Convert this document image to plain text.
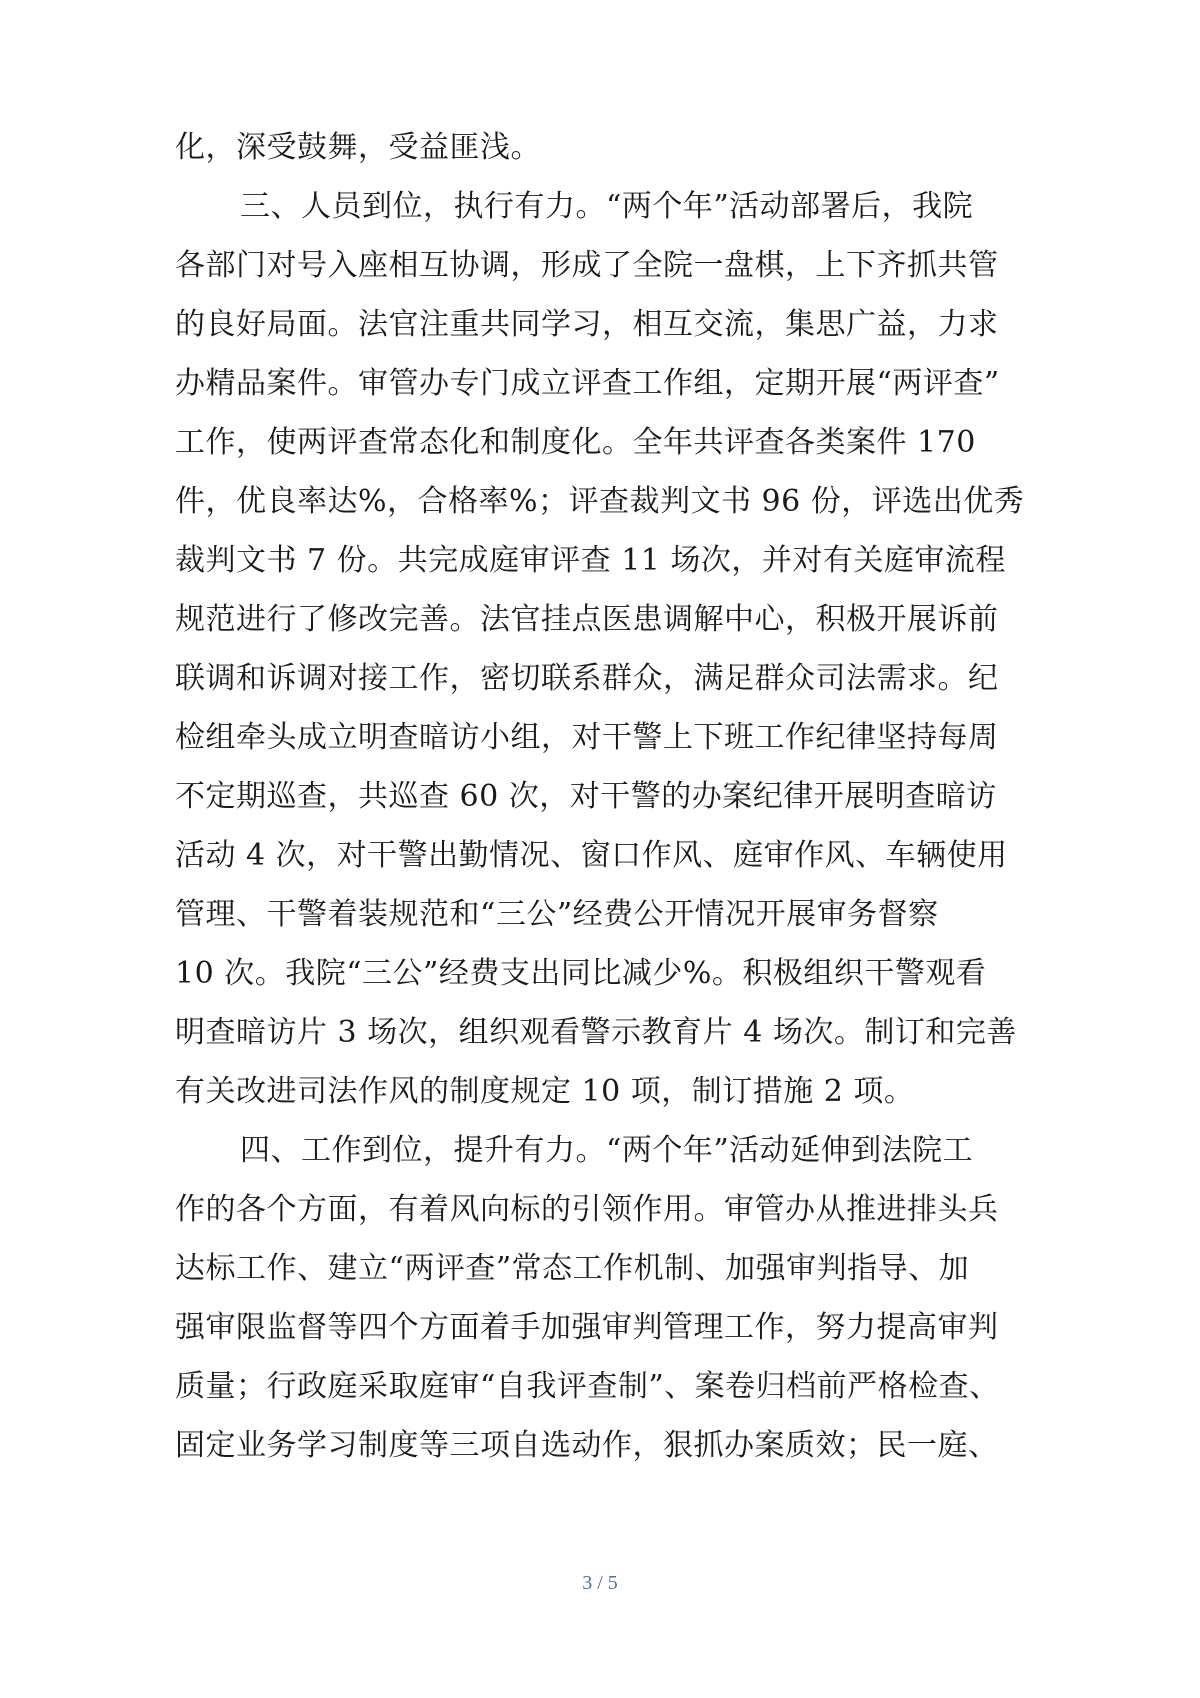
化，深受鼓舞，受益匪浅。
三、人员到位，执行有力。“两个年”活动部署后，我院
各部门对号入座相互协调，形成了全院一盘棋，上下齐抓共管
的良好局面。法官注重共同学习，相互交流，集思广益，力求
办精品案件。审管办专门成立评查工作组，定期开展“两评查”
工作，使两评查常态化和制度化。全年共评查各类案件 170
件，优良率达%，合格率%；评查裁判文书 96 份，评选出优秀
裁判文书 7 份。共完成庭审评查 11 场次，并对有关庭审流程
规范进行了修改完善。法官挂点医患调解中心，积极开展诉前
联调和诉调对接工作，密切联系群众，满足群众司法需求。纪
检组牵头成立明查暗访小组，对干警上下班工作纪律坚持每周
不定期巡查，共巡查 60 次，对干警的办案纪律开展明查暗访
活动 4 次，对干警出勤情况、窗口作风、庭审作风、车辆使用
管理、干警着装规范和“三公”经费公开情况开展审务督察
10 次。我院“三公”经费支出同比减少%。积极组织干警观看
明查暗访片 3 场次，组织观看警示教育片 4 场次。制订和完善
有关改进司法作风的制度规定 10 项，制订措施 2 项。
四、工作到位，提升有力。“两个年”活动延伸到法院工
作的各个方面，有着风向标的引领作用。审管办从推进排头兵
达标工作、建立“两评查”常态工作机制、加强审判指导、加
强审限监督等四个方面着手加强审判管理工作，努力提高审判
质量；行政庭采取庭审“自我评查制”、案卷归档前严格检查、
固定业务学习制度等三项自选动作，狠抓办案质效；民一庭、
3 / 5
